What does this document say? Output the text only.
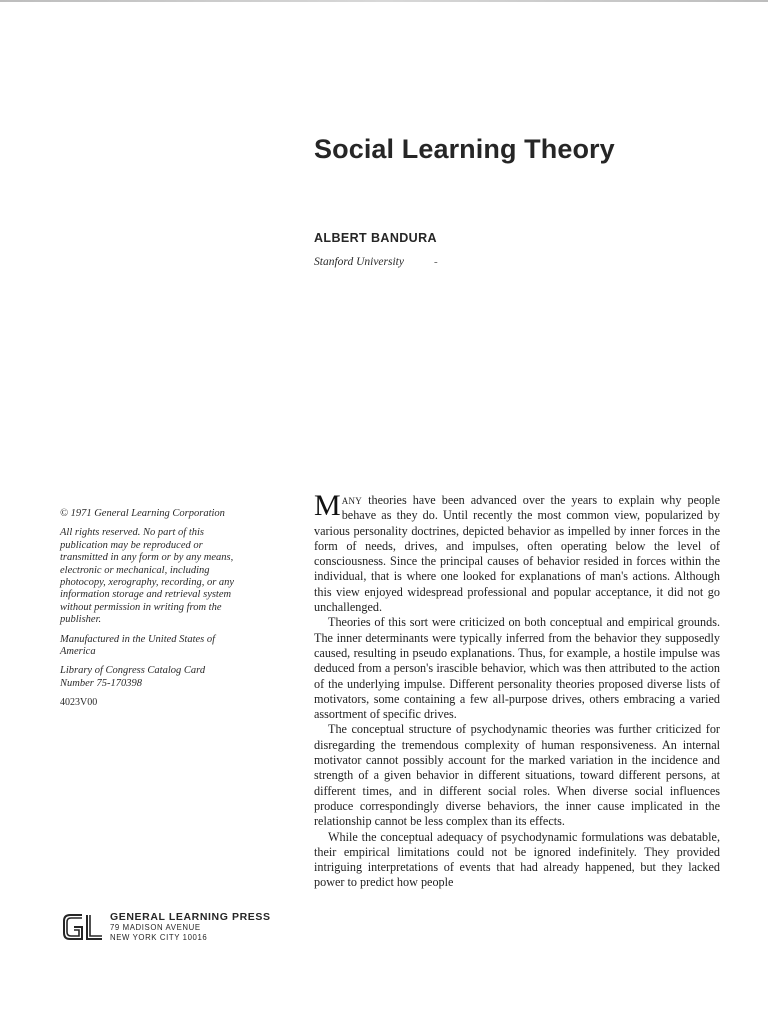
Social Learning Theory
ALBERT BANDURA
Stanford University	-

© 1971 General Learning Corporation

All rights reserved. No part of this publication may be reproduced or transmitted in any form or by any means, electronic or mechanical, including photocopy, xerography, recording, or any information storage and retrieval system without permission in writing from the publisher.

Manufactured in the United States of America

Library of Congress Catalog Card Number 75-170398

4023V00

Many theories have been advanced over the years to explain why people behave as they do. Until recently the most common view, popularized by various personality doctrines, depicted behavior as impelled by inner forces in the form of needs, drives, and impulses, often operating below the level of consciousness. Since the principal causes of behavior resided in forces within the individual, that is where one looked for explanations of man's actions. Although this view enjoyed widespread professional and popular acceptance, it did not go unchallenged.

Theories of this sort were criticized on both conceptual and empirical grounds. The inner determinants were typically inferred from the behavior they supposedly caused, resulting in pseudo explanations. Thus, for example, a hostile impulse was deduced from a person's irascible behavior, which was then attributed to the action of the underlying impulse. Different personality theories proposed diverse lists of motivators, some containing a few all-purpose drives, others embracing a varied assortment of specific drives.

The conceptual structure of psychodynamic theories was further criticized for disregarding the tremendous complexity of human responsiveness. An internal motivator cannot possibly account for the marked variation in the incidence and strength of a given behavior in different situations, toward different persons, at different times, and in different social roles. When diverse social influences produce correspondingly diverse behaviors, the inner cause implicated in the relationship cannot be less complex than its effects.

While the conceptual adequacy of psychodynamic formulations was debatable, their empirical limitations could not be ignored indefinitely. They provided intriguing interpretations of events that had already happened, but they lacked power to predict how people

GENERAL LEARNING PRESS
79 MADISON AVENUE
NEW YORK CITY 10016
